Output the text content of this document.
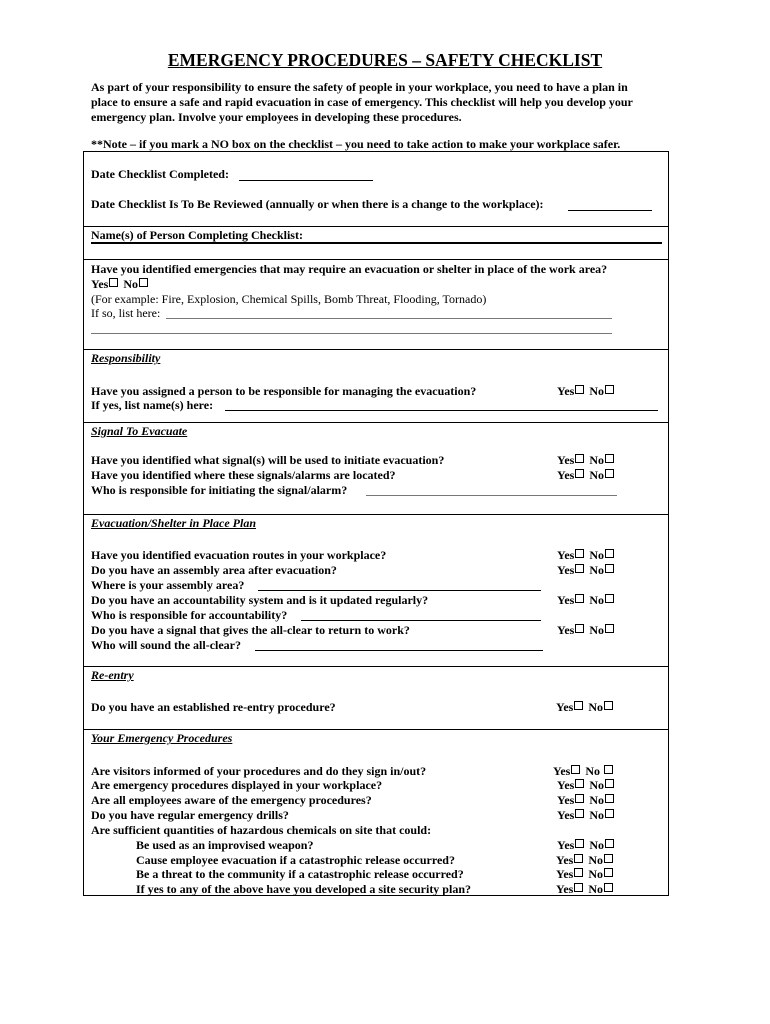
EMERGENCY PROCEDURES – SAFETY CHECKLIST
As part of your responsibility to ensure the safety of people in your workplace, you need to have a plan in
place to ensure a safe and rapid evacuation in case of emergency. This checklist will help you develop your
emergency plan. Involve your employees in developing these procedures.
**Note – if you mark a NO box on the checklist – you need to take action to make your workplace safer.
Date Checklist Completed:
Date Checklist Is To Be Reviewed (annually or when there is a change to the workplace):
Name(s) of Person Completing Checklist:
Have you identified emergencies that may require an evacuation or shelter in place of the work area?
Yes No
(For example: Fire, Explosion, Chemical Spills, Bomb Threat, Flooding, Tornado)
If so, list here:
Responsibility
Have you assigned a person to be responsible for managing the evacuation?	Yes No
If yes, list name(s) here:
Signal To Evacuate
Have you identified what signal(s) will be used to initiate evacuation?	Yes No
Have you identified where these signals/alarms are located?	Yes No
Who is responsible for initiating the signal/alarm?
Evacuation/Shelter in Place Plan
Have you identified evacuation routes in your workplace?	Yes No
Do you have an assembly area after evacuation?	Yes No
Where is your assembly area?
Do you have an accountability system and is it updated regularly?	Yes No
Who is responsible for accountability?
Do you have a signal that gives the all-clear to return to work?	Yes No
Who will sound the all-clear?
Re-entry
Do you have an established re-entry procedure?	Yes No
Your Emergency Procedures
Are visitors informed of your procedures and do they sign in/out?	Yes No
Are emergency procedures displayed in your workplace?	Yes No
Are all employees aware of the emergency procedures?	Yes No
Do you have regular emergency drills?	Yes No
Are sufficient quantities of hazardous chemicals on site that could:
Be used as an improvised weapon?	Yes No
Cause employee evacuation if a catastrophic release occurred?	Yes No
Be a threat to the community if a catastrophic release occurred?	Yes No
If yes to any of the above have you developed a site security plan?	Yes No
